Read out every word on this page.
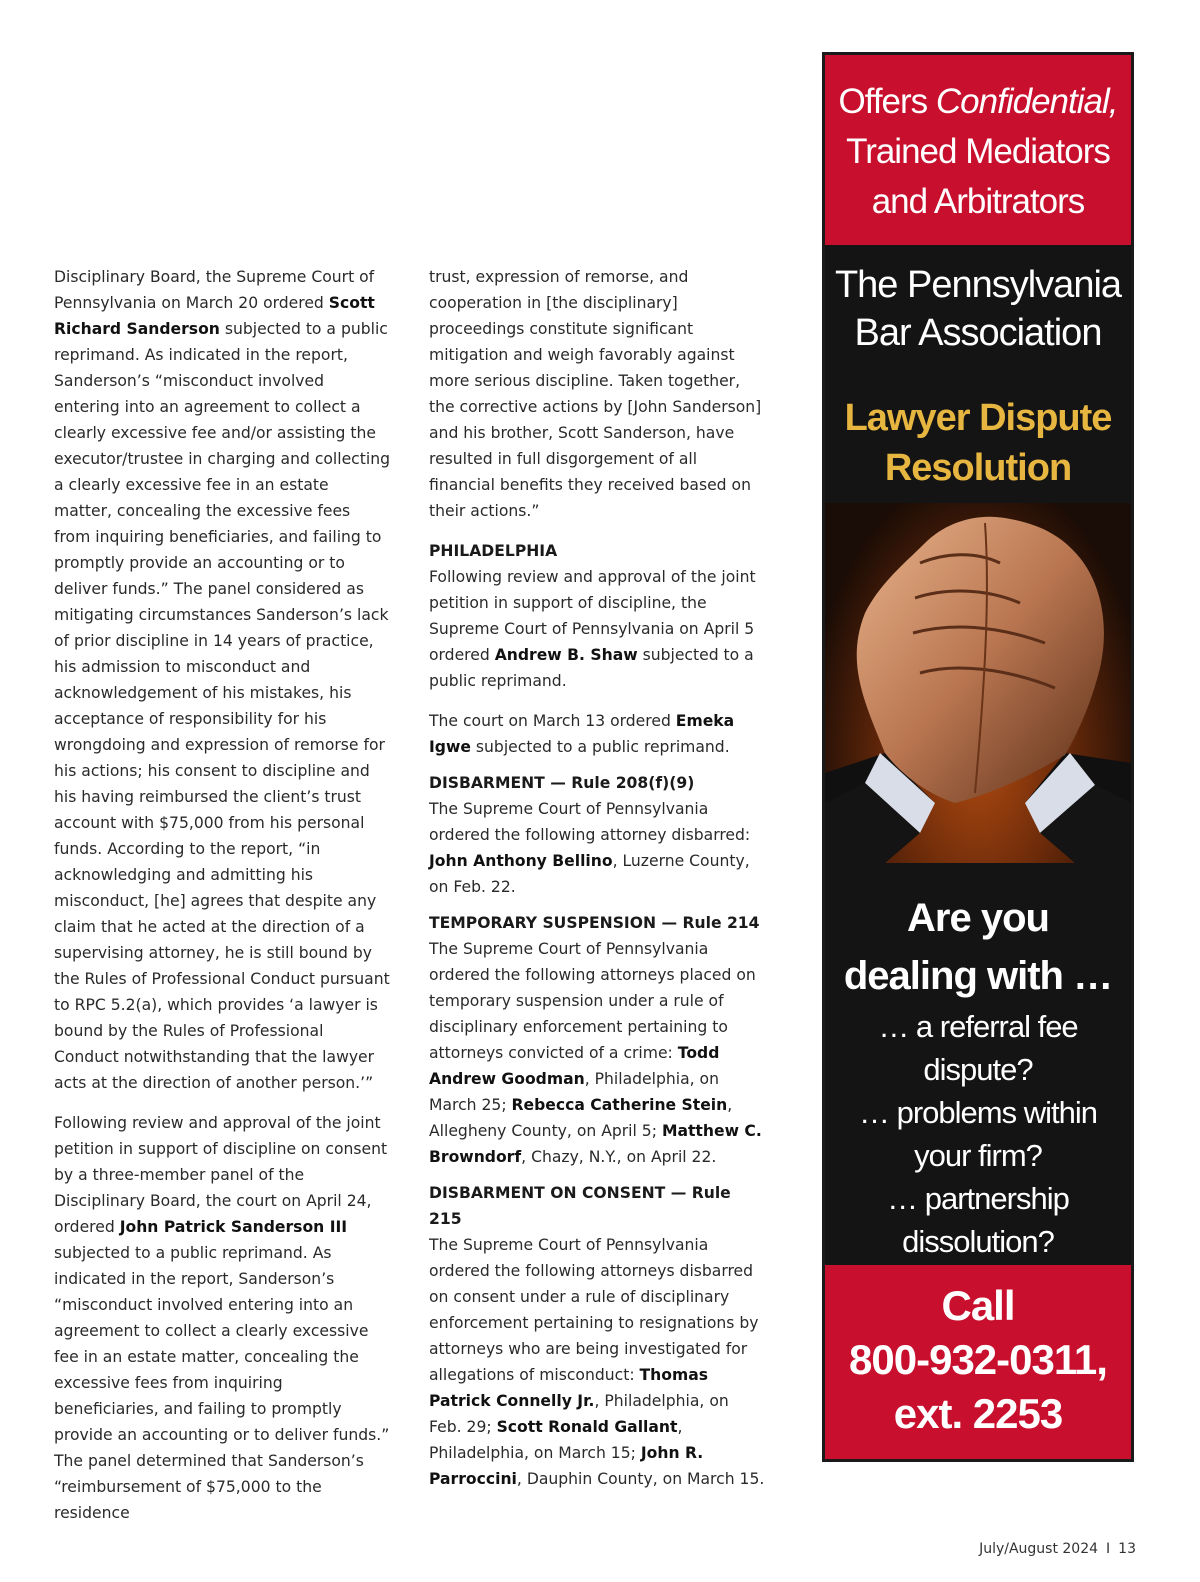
Disciplinary Board, the Supreme Court of Pennsylvania on March 20 ordered Scott Richard Sanderson subjected to a public reprimand. As indicated in the report, Sanderson’s “misconduct involved entering into an agreement to collect a clearly excessive fee and/or assisting the executor/trustee in charging and collecting a clearly excessive fee in an estate matter, concealing the excessive fees from inquiring beneficiaries, and failing to promptly provide an accounting or to deliver funds.” The panel considered as mitigating circumstances Sanderson’s lack of prior discipline in 14 years of practice, his admission to misconduct and acknowledgement of his mistakes, his acceptance of responsibility for his wrongdoing and expression of remorse for his actions; his consent to discipline and his having reimbursed the client’s trust account with $75,000 from his personal funds. According to the report, “in acknowledging and admitting his misconduct, [he] agrees that despite any claim that he acted at the direction of a supervising attorney, he is still bound by the Rules of Professional Conduct pursuant to RPC 5.2(a), which provides ‘a lawyer is bound by the Rules of Professional Conduct notwithstanding that the lawyer acts at the direction of another person.’”

Following review and approval of the joint petition in support of discipline on consent by a three-member panel of the Disciplinary Board, the court on April 24, ordered John Patrick Sanderson III subjected to a public reprimand. As indicated in the report, Sanderson’s “misconduct involved entering into an agreement to collect a clearly excessive fee in an estate matter, concealing the excessive fees from inquiring beneficiaries, and failing to promptly provide an accounting or to deliver funds.” The panel determined that Sanderson’s “reimbursement of $75,000 to the residence

trust, expression of remorse, and cooperation in [the disciplinary] proceedings constitute significant mitigation and weigh favorably against more serious discipline. Taken together, the corrective actions by [John Sanderson] and his brother, Scott Sanderson, have resulted in full disgorgement of all financial benefits they received based on their actions.”

PHILADELPHIA

Following review and approval of the joint petition in support of discipline, the Supreme Court of Pennsylvania on April 5 ordered Andrew B. Shaw subjected to a public reprimand.

The court on March 13 ordered Emeka Igwe subjected to a public reprimand.

DISBARMENT — Rule 208(f)(9)

The Supreme Court of Pennsylvania ordered the following attorney disbarred: John Anthony Bellino, Luzerne County, on Feb. 22.

TEMPORARY SUSPENSION — Rule 214

The Supreme Court of Pennsylvania ordered the following attorneys placed on temporary suspension under a rule of disciplinary enforcement pertaining to attorneys convicted of a crime: Todd Andrew Goodman, Philadelphia, on March 25; Rebecca Catherine Stein, Allegheny County, on April 5; Matthew C. Browndorf, Chazy, N.Y., on April 22.

DISBARMENT ON CONSENT — Rule 215

The Supreme Court of Pennsylvania ordered the following attorneys disbarred on consent under a rule of disciplinary enforcement pertaining to resignations by attorneys who are being investigated for allegations of misconduct: Thomas Patrick Connelly Jr., Philadelphia, on Feb. 29; Scott Ronald Gallant, Philadelphia, on March 15; John R. Parroccini, Dauphin County, on March 15.

Offers Confidential,
Trained Mediators
and Arbitrators
The Pennsylvania
Bar Association
Lawyer Dispute
Resolution
Are you
dealing with …
… a referral fee dispute?
… problems within
your firm?
… partnership
dissolution?
Call
800-932-0311,
ext. 2253
July/August 2024 I 13
